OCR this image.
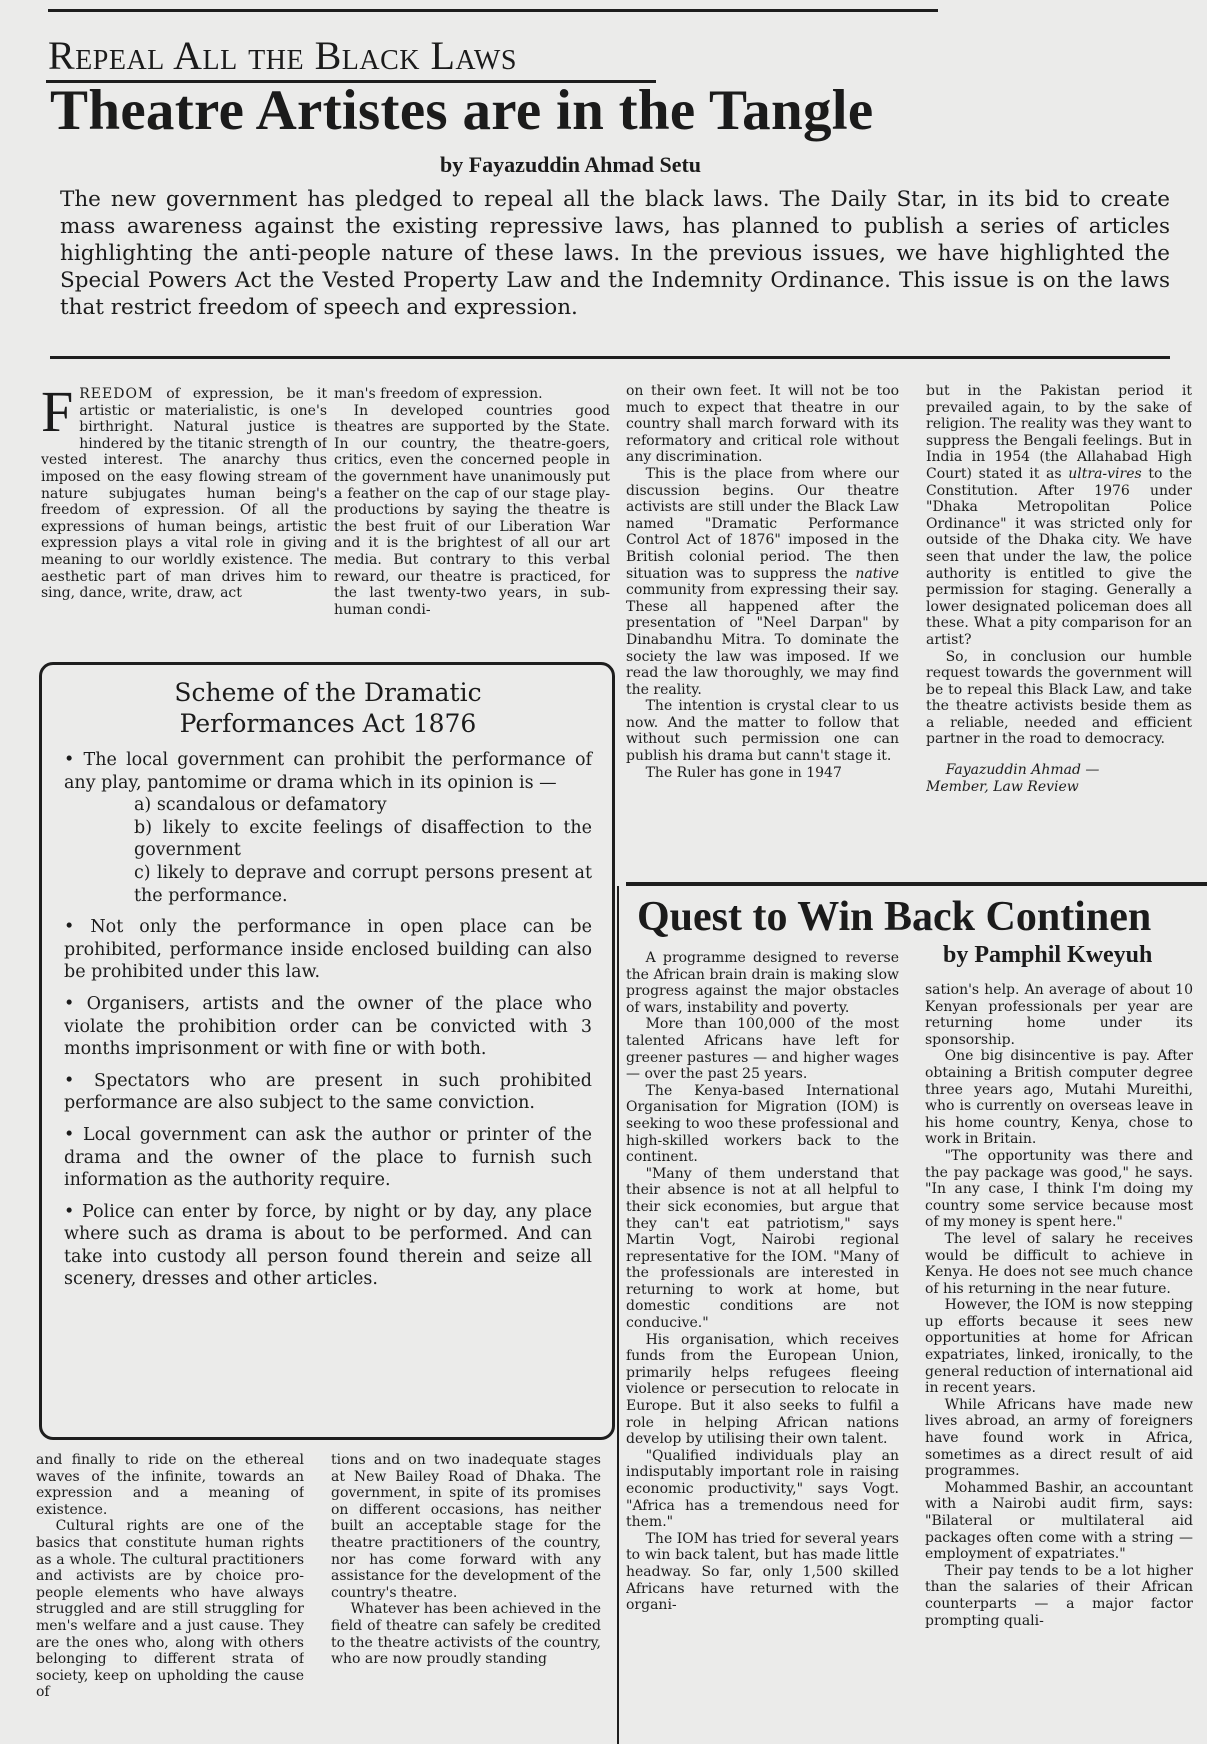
Repeal All the Black Laws
Theatre Artistes are in the Tangle
by Fayazuddin Ahmad Setu
The new government has pledged to repeal all the black laws. The Daily Star, in its bid to create mass awareness against the existing repressive laws, has planned to publish a series of articles highlighting the anti-people nature of these laws. In the previous issues, we have highlighted the Special Powers Act the Vested Property Law and the Indemnity Ordinance. This issue is on the laws that restrict freedom of speech and expression.

FREEDOM of expression, be it artistic or materialistic, is one's birthright. Natural justice is hindered by the titanic strength of vested interest. The anarchy thus imposed on the easy flowing stream of nature subjugates human being's freedom of expression. Of all the expressions of human beings, artistic expression plays a vital role in giving meaning to our worldly existence. The aesthetic part of man drives him to sing, dance, write, draw, act

man's freedom of expression.

In developed countries good theatres are supported by the State. In our country, the theatre-goers, critics, even the concerned people in the government have unanimously put a feather on the cap of our stage play-productions by saying the theatre is the best fruit of our Liberation War and it is the brightest of all our art media. But contrary to this verbal reward, our theatre is practiced, for the last twenty-two years, in sub-human condi-

on their own feet. It will not be too much to expect that theatre in our country shall march forward with its reformatory and critical role without any discrimination.

This is the place from where our discussion begins. Our theatre activists are still under the Black Law named "Dramatic Performance Control Act of 1876" imposed in the British colonial period. The then situation was to suppress the native community from expressing their say. These all happened after the presentation of "Neel Darpan" by Dinabandhu Mitra. To dominate the society the law was imposed. If we read the law thoroughly, we may find the reality.

The intention is crystal clear to us now. And the matter to follow that without such permission one can publish his drama but cann't stage it.

The Ruler has gone in 1947

but in the Pakistan period it prevailed again, to by the sake of religion. The reality was they want to suppress the Bengali feelings. But in India in 1954 (the Allahabad High Court) stated it as ultra-vires to the Constitution. After 1976 under "Dhaka Metropolitan Police Ordinance" it was stricted only for outside of the Dhaka city. We have seen that under the law, the police authority is entitled to give the permission for staging. Generally a lower designated policeman does all these. What a pity comparison for an artist?

So, in conclusion our humble request towards the government will be to repeal this Black Law, and take the theatre activists beside them as a reliable, needed and efficient partner in the road to democracy.

Fayazuddin Ahmad —

Member, Law Review

Scheme of the Dramatic
Performances Act 1876

• The local government can prohibit the performance of any play, pantomime or drama which in its opinion is —

a) scandalous or defamatory

b) likely to excite feelings of disaffection to the government

c) likely to deprave and corrupt persons present at the performance.

• Not only the performance in open place can be prohibited, performance inside enclosed building can also be prohibited under this law.

• Organisers, artists and the owner of the place who violate the prohibition order can be convicted with 3 months imprisonment or with fine or with both.

• Spectators who are present in such prohibited performance are also subject to the same conviction.

• Local government can ask the author or printer of the drama and the owner of the place to furnish such information as the authority require.

• Police can enter by force, by night or by day, any place where such as drama is about to be performed. And can take into custody all person found therein and seize all scenery, dresses and other articles.

and finally to ride on the ethereal waves of the infinite, towards an expression and a meaning of existence.

Cultural rights are one of the basics that constitute human rights as a whole. The cultural practitioners and activists are by choice pro-people elements who have always struggled and are still struggling for men's welfare and a just cause. They are the ones who, along with others belonging to different strata of society, keep on upholding the cause of

tions and on two inadequate stages at New Bailey Road of Dhaka. The government, in spite of its promises on different occasions, has neither built an acceptable stage for the theatre practitioners of the country, nor has come forward with any assistance for the development of the country's theatre.

Whatever has been achieved in the field of theatre can safely be credited to the theatre activists of the country, who are now proudly standing

Quest to Win Back Continen
by Pamphil Kweyuh

A programme designed to reverse the African brain drain is making slow progress against the major obstacles of wars, instability and poverty.

More than 100,000 of the most talented Africans have left for greener pastures — and higher wages — over the past 25 years.

The Kenya-based International Organisation for Migration (IOM) is seeking to woo these professional and high-skilled workers back to the continent.

"Many of them understand that their absence is not at all helpful to their sick economies, but argue that they can't eat patriotism," says Martin Vogt, Nairobi regional representative for the IOM. "Many of the professionals are interested in returning to work at home, but domestic conditions are not conducive."

His organisation, which receives funds from the European Union, primarily helps refugees fleeing violence or persecution to relocate in Europe. But it also seeks to fulfil a role in helping African nations develop by utilising their own talent.

"Qualified individuals play an indisputably important role in raising economic productivity," says Vogt. "Africa has a tremendous need for them."

The IOM has tried for several years to win back talent, but has made little headway. So far, only 1,500 skilled Africans have returned with the organi-

sation's help. An average of about 10 Kenyan professionals per year are returning home under its sponsorship.

One big disincentive is pay. After obtaining a British computer degree three years ago, Mutahi Mureithi, who is currently on overseas leave in his home country, Kenya, chose to work in Britain.

"The opportunity was there and the pay package was good," he says. "In any case, I think I'm doing my country some service because most of my money is spent here."

The level of salary he receives would be difficult to achieve in Kenya. He does not see much chance of his returning in the near future.

However, the IOM is now stepping up efforts because it sees new opportunities at home for African expatriates, linked, ironically, to the general reduction of international aid in recent years.

While Africans have made new lives abroad, an army of foreigners have found work in Africa, sometimes as a direct result of aid programmes.

Mohammed Bashir, an accountant with a Nairobi audit firm, says: "Bilateral or multilateral aid packages often come with a string —employment of expatriates."

Their pay tends to be a lot higher than the salaries of their African counterparts — a major factor prompting quali-
